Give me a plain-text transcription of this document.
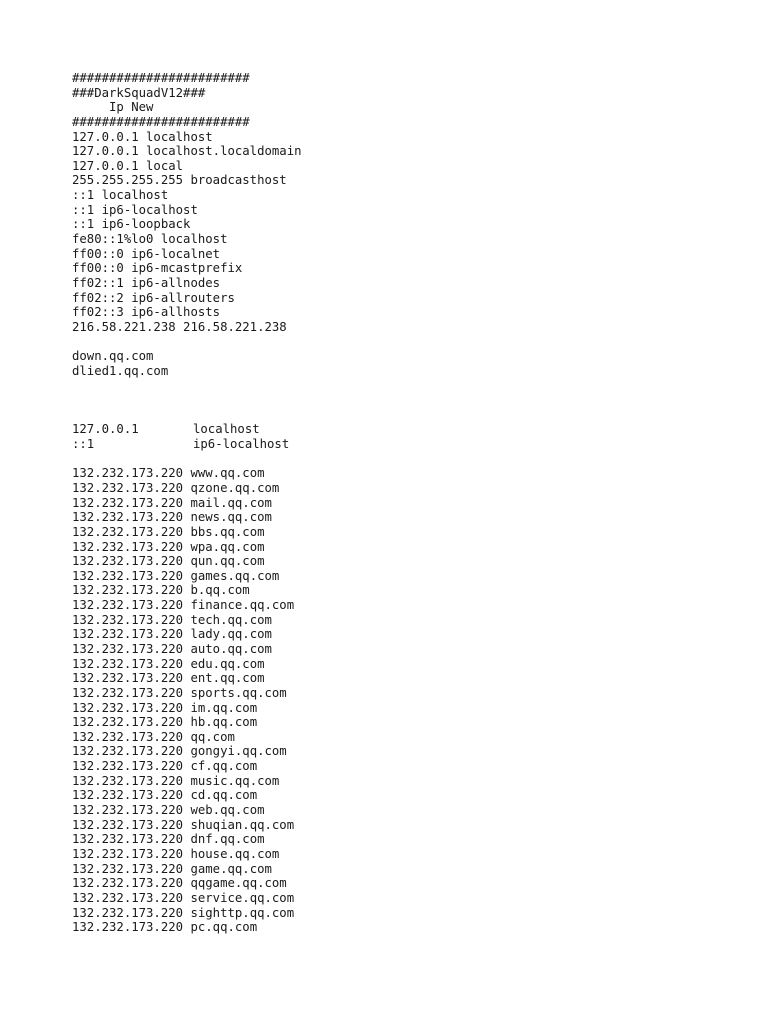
########################
###DarkSquadV12###
Ip New
########################
127.0.0.1 localhost
127.0.0.1 localhost.localdomain
127.0.0.1 local
255.255.255.255 broadcasthost
::1 localhost
::1 ip6-localhost
::1 ip6-loopback
fe80::1%lo0 localhost
ff00::0 ip6-localnet
ff00::0 ip6-mcastprefix
ff02::1 ip6-allnodes
ff02::2 ip6-allrouters
ff02::3 ip6-allhosts
216.58.221.238 216.58.221.238
down.qq.com
dlied1.qq.com
127.0.0.1	localhost
::1	ip6-localhost
132.232.173.220 www.qq.com
132.232.173.220 qzone.qq.com
132.232.173.220 mail.qq.com
132.232.173.220 news.qq.com
132.232.173.220 bbs.qq.com
132.232.173.220 wpa.qq.com
132.232.173.220 qun.qq.com
132.232.173.220 games.qq.com
132.232.173.220 b.qq.com
132.232.173.220 finance.qq.com
132.232.173.220 tech.qq.com
132.232.173.220 lady.qq.com
132.232.173.220 auto.qq.com
132.232.173.220 edu.qq.com
132.232.173.220 ent.qq.com
132.232.173.220 sports.qq.com
132.232.173.220 im.qq.com
132.232.173.220 hb.qq.com
132.232.173.220 qq.com
132.232.173.220 gongyi.qq.com
132.232.173.220 cf.qq.com
132.232.173.220 music.qq.com
132.232.173.220 cd.qq.com
132.232.173.220 web.qq.com
132.232.173.220 shuqian.qq.com
132.232.173.220 dnf.qq.com
132.232.173.220 house.qq.com
132.232.173.220 game.qq.com
132.232.173.220 qqgame.qq.com
132.232.173.220 service.qq.com
132.232.173.220 sighttp.qq.com
132.232.173.220 pc.qq.com
